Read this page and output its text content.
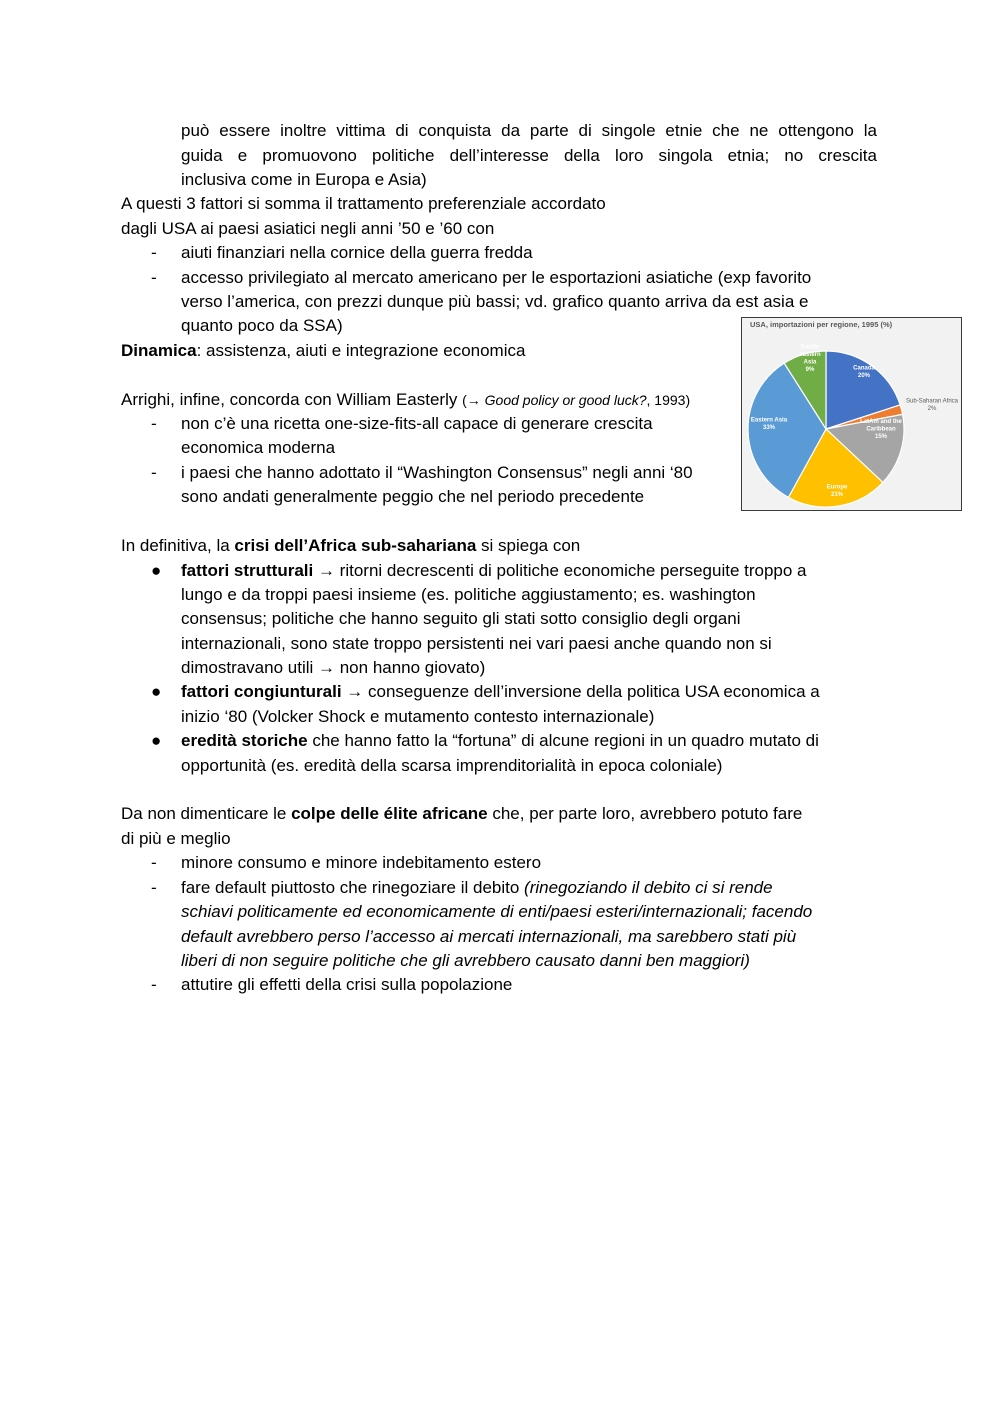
può essere inoltre vittima di conquista da parte di singole etnie che ne ottengono la
guida e promuovono politiche dell’interesse della loro singola etnia; no crescita
inclusiva come in Europa e Asia)
A questi 3 fattori si somma il trattamento preferenziale accordato
dagli USA ai paesi asiatici negli anni ’50 e ’60 con
-	aiuti finanziari nella cornice della guerra fredda
-	accesso privilegiato al mercato americano per le esportazioni asiatiche (exp favorito
verso l’america, con prezzi dunque più bassi; vd. grafico quanto arriva da est asia e
quanto poco da SSA)
Dinamica: assistenza, aiuti e integrazione economica
Arrighi, infine, concorda con William Easterly (→ Good policy or good luck?, 1993)
-	non c’è una ricetta one-size-fits-all capace di generare crescita
economica moderna
-	i paesi che hanno adottato il “Washington Consensus” negli anni ‘80
sono andati generalmente peggio che nel periodo precedente
In definitiva, la crisi dell’Africa sub-sahariana si spiega con
●	fattori strutturali → ritorni decrescenti di politiche economiche perseguite troppo a
lungo e da troppi paesi insieme (es. politiche aggiustamento; es. washington
consensus; politiche che hanno seguito gli stati sotto consiglio degli organi
internazionali, sono state troppo persistenti nei vari paesi anche quando non si
dimostravano utili → non hanno giovato)
●	fattori congiunturali → conseguenze dell’inversione della politica USA economica a
inizio ‘80 (Volcker Shock e mutamento contesto internazionale)
●	eredità storiche che hanno fatto la “fortuna” di alcune regioni in un quadro mutato di
opportunità (es. eredità della scarsa imprenditorialità in epoca coloniale)
Da non dimenticare le colpe delle élite africane che, per parte loro, avrebbero potuto fare
di più e meglio
-	minore consumo e minore indebitamento estero
-	fare default piuttosto che rinegoziare il debito (rinegoziando il debito ci si rende
schiavi politicamente ed economicamente di enti/paesi esteri/internazionali; facendo
default avrebbero perso l’accesso ai mercati internazionali, ma sarebbero stati più
liberi di non seguire politiche che gli avrebbero causato danni ben maggiori)
-	attutire gli effetti della crisi sulla popolazione
USA, importazioni per regione, 1995 (%)
Canada 20%
Sub-Saharan Africa 2%
LatAm and the Caribbean 15%
Europe 21%
Eastern Asia 33%
South-eastern Asia 9%
